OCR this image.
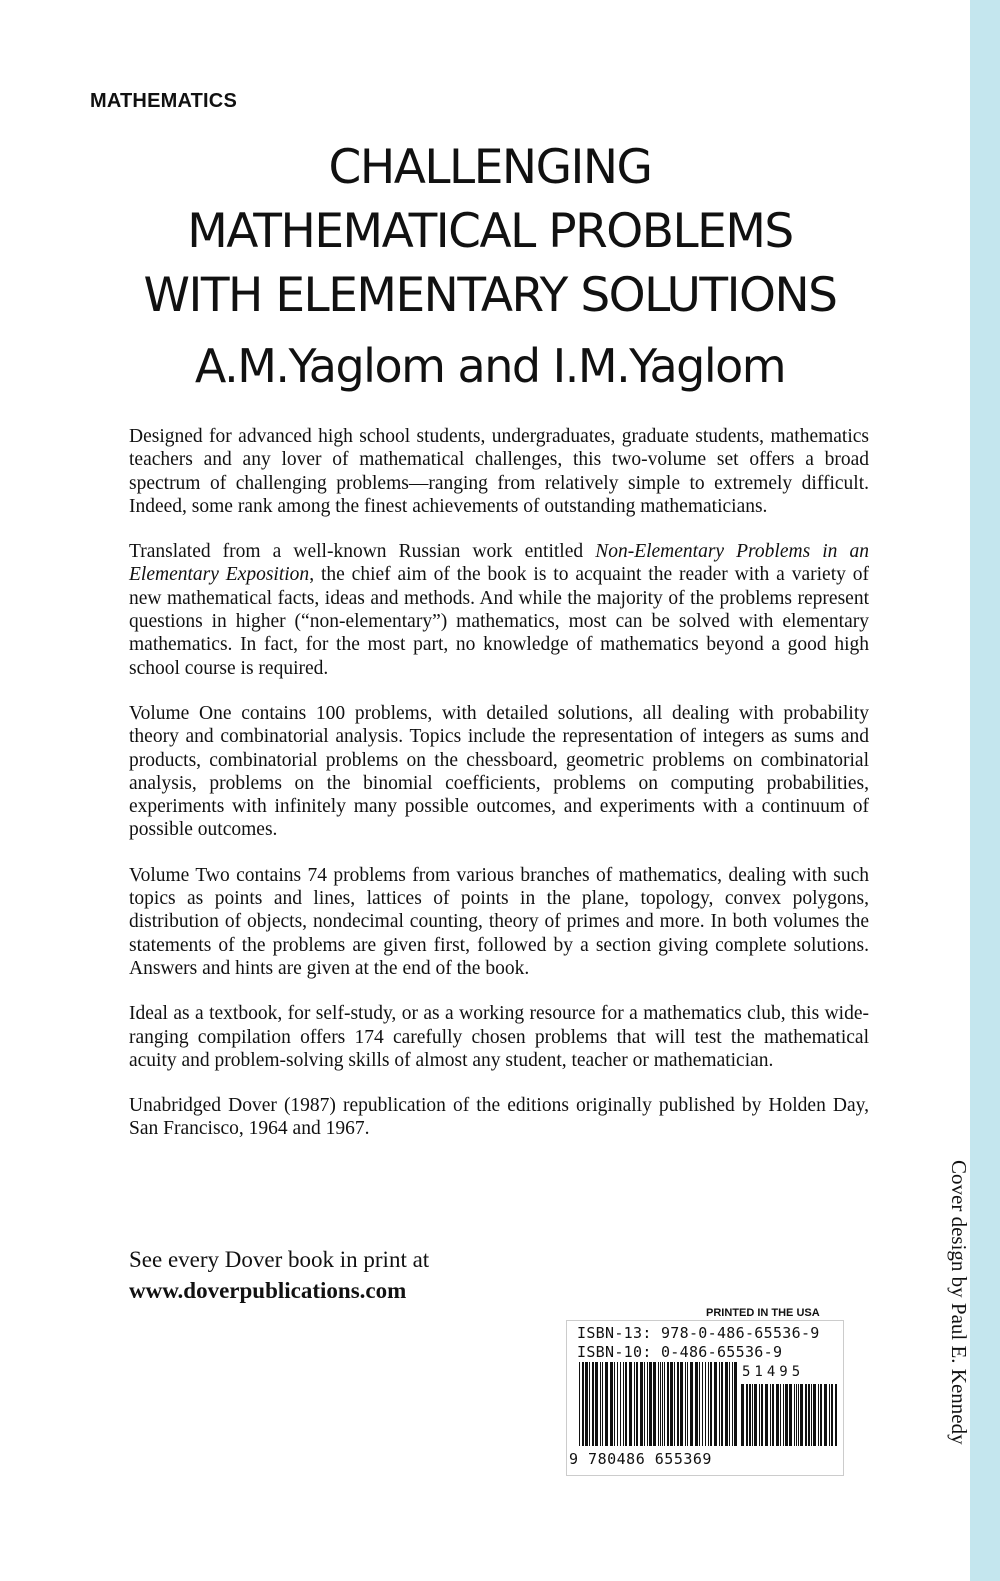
MATHEMATICS
CHALLENGING
MATHEMATICAL PROBLEMS
WITH ELEMENTARY SOLUTIONS
A.M.Yaglom and I.M.Yaglom

Designed for advanced high school students, undergraduates, graduate students, mathematics teachers and any lover of mathematical challenges, this two-volume set offers a broad spectrum of challenging problems—ranging from relatively simple to extremely difficult. Indeed, some rank among the finest achievements of outstanding mathematicians.

Translated from a well-known Russian work entitled Non-Elementary Problems in an Elementary Exposition, the chief aim of the book is to acquaint the reader with a variety of new mathematical facts, ideas and methods. And while the majority of the problems represent questions in higher (“non-elementary”) mathematics, most can be solved with elementary mathematics. In fact, for the most part, no knowledge of mathematics beyond a good high school course is required.

Volume One contains 100 problems, with detailed solutions, all dealing with probability theory and combinatorial analysis. Topics include the representation of integers as sums and products, combinatorial problems on the chessboard, geometric problems on combinatorial analysis, problems on the binomial coefficients, problems on computing probabilities, experiments with infinitely many possible outcomes, and experiments with a continuum of possible outcomes.

Volume Two contains 74 problems from various branches of mathematics, dealing with such topics as points and lines, lattices of points in the plane, topology, convex polygons, distribution of objects, nondecimal counting, theory of primes and more. In both volumes the statements of the problems are given first, followed by a section giving complete solutions. Answers and hints are given at the end of the book.

Ideal as a textbook, for self-study, or as a working resource for a mathematics club, this wide-ranging compilation offers 174 carefully chosen problems that will test the mathematical acuity and problem-solving skills of almost any student, teacher or mathematician.

Unabridged Dover (1987) republication of the editions originally published by Holden Day, San Francisco, 1964 and 1967.

See every Dover book in print at
www.doverpublications.com
PRINTED IN THE USA
ISBN-13: 978-0-486-65536-9
ISBN-10: 0-486-65536-9
51495
9 780486 655369
Cover design by Paul E. Kennedy
